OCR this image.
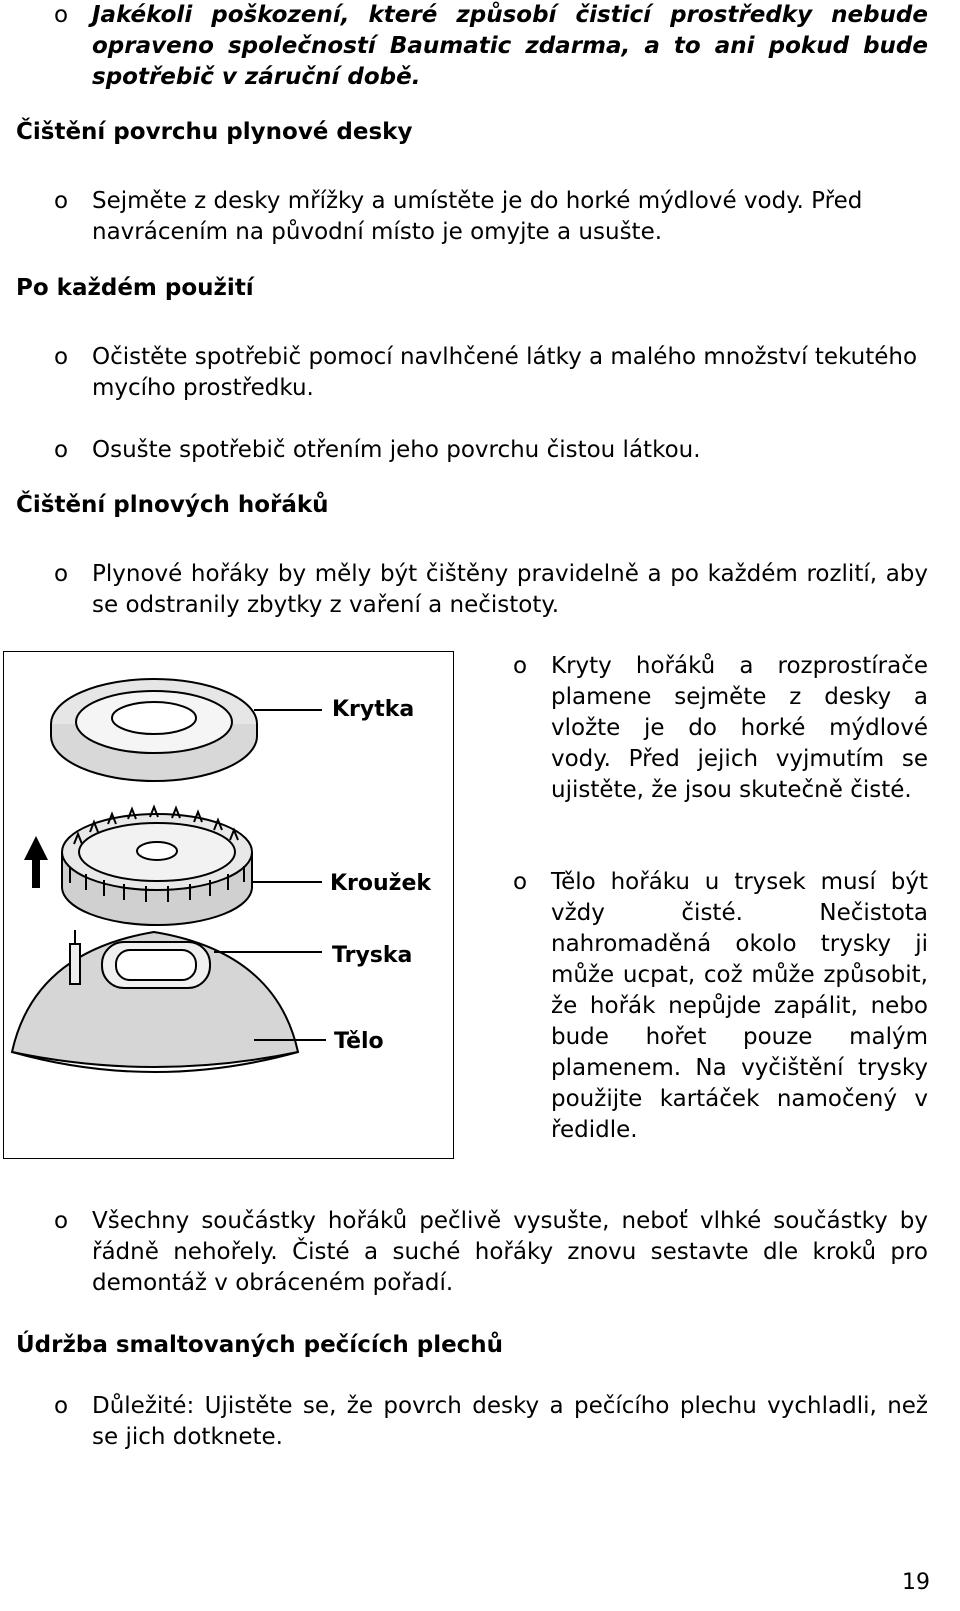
o Jakékoli poškození, které způsobí čisticí prostředky nebude opraveno společností Baumatic zdarma, a to ani pokud bude spotřebič v záruční době.
Čištění povrchu plynové desky
o Sejměte z desky mřížky a umístěte je do horké mýdlové vody. Před navrácením na původní místo je omyjte a usušte.
Po každém použití
o Očistěte spotřebič pomocí navlhčené látky a malého množství tekutého mycího prostředku.
o Osušte spotřebič otřením jeho povrchu čistou látkou.
Čištění plnových hořáků
o Plynové hořáky by měly být čištěny pravidelně a po každém rozlití, aby se odstranily zbytky z vaření a nečistoty.
Krytka
Kroužek
Tryska
Tělo
o Kryty hořáků a rozprostírače plamene sejměte z desky a vložte je do horké mýdlové vody. Před jejich vyjmutím se ujistěte, že jsou skutečně čisté.
o Tělo hořáku u trysek musí být vždy čisté. Nečistota nahromaděná okolo trysky ji může ucpat, což může způsobit, že hořák nepůjde zapálit, nebo bude hořet pouze malým plamenem. Na vyčištění trysky použijte kartáček namočený v ředidle.
o Všechny součástky hořáků pečlivě vysušte, neboť vlhké součástky by řádně nehořely. Čisté a suché hořáky znovu sestavte dle kroků pro demontáž v obráceném pořadí.
Údržba smaltovaných pečících plechů
o Důležité: Ujistěte se, že povrch desky a pečícího plechu vychladli, než se jich dotknete.
19
